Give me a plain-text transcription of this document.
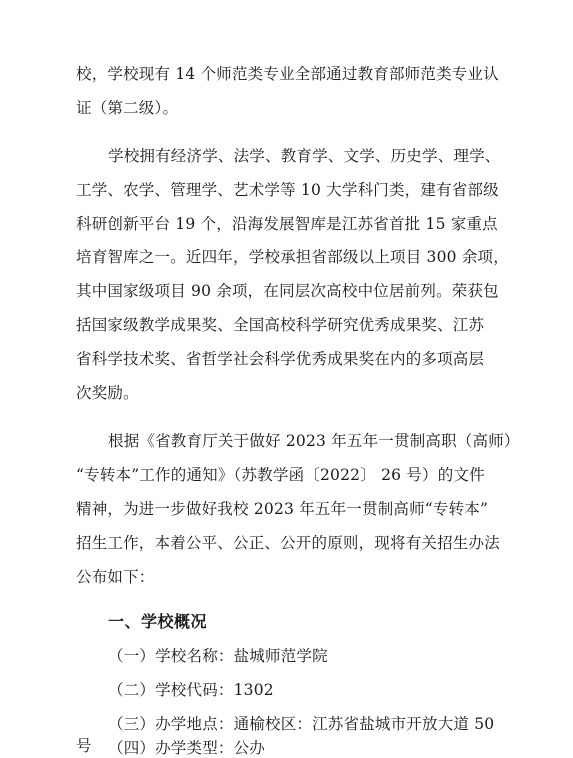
校，学校现有 14 个师范类专业全部通过教育部师范类专业认
证（第二级）。
学校拥有经济学、法学、教育学、文学、历史学、理学、
工学、农学、管理学、艺术学等 10 大学科门类，建有省部级
科研创新平台 19 个，沿海发展智库是江苏省首批 15 家重点
培育智库之一。近四年，学校承担省部级以上项目 300 余项，
其中国家级项目 90 余项，在同层次高校中位居前列。荣获包
括国家级教学成果奖、全国高校科学研究优秀成果奖、江苏
省科学技术奖、省哲学社会科学优秀成果奖在内的多项高层
次奖励。
根据《省教育厅关于做好 2023 年五年一贯制高职（高师）
“专转本”工作的通知》（苏教学函〔2022〕 26 号）的文件
精神，为进一步做好我校 2023 年五年一贯制高师“专转本”
招生工作，本着公平、公正、公开的原则，现将有关招生办法
公布如下：
一、学校概况
（一）学校名称：盐城师范学院
（二）学校代码：1302
（三）办学地点：通榆校区：江苏省盐城市开放大道 50
号 （四）办学类型：公办
